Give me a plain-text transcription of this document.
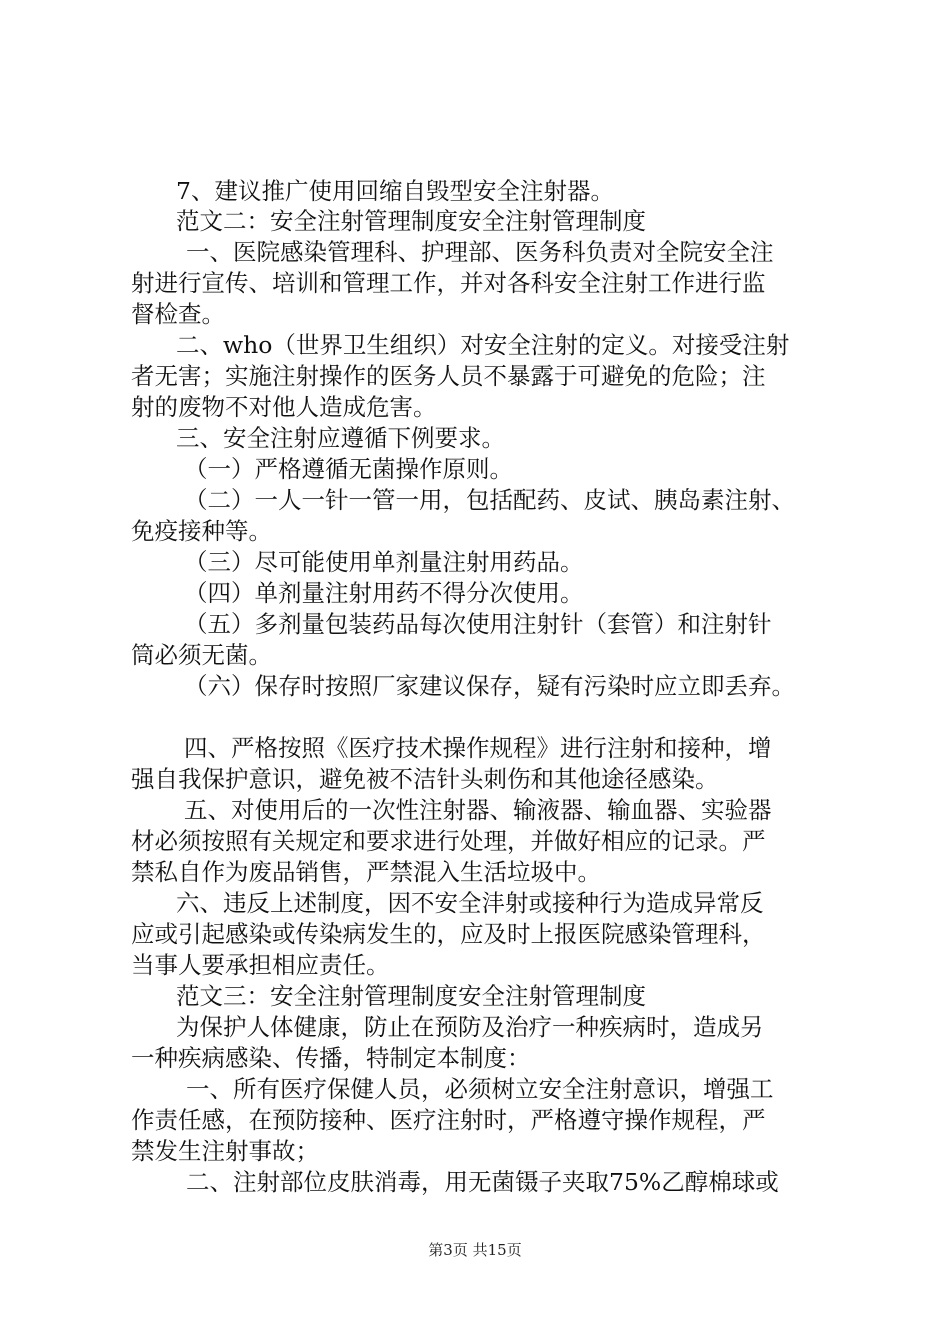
7、建议推广使用回缩自毁型安全注射器。
范文二：安全注射管理制度安全注射管理制度
一、医院感染管理科、护理部、医务科负责对全院安全注
射进行宣传、培训和管理工作，并对各科安全注射工作进行监
督检查。
二、who（世界卫生组织）对安全注射的定义。对接受注射
者无害；实施注射操作的医务人员不暴露于可避免的危险；注
射的废物不对他人造成危害。
三、安全注射应遵循下例要求。
（一）严格遵循无菌操作原则。
（二）一人一针一管一用，包括配药、皮试、胰岛素注射、
免疫接种等。
（三）尽可能使用单剂量注射用药品。
（四）单剂量注射用药不得分次使用。
（五）多剂量包装药品每次使用注射针（套管）和注射针
筒必须无菌。
（六）保存时按照厂家建议保存，疑有污染时应立即丢弃。
四、严格按照《医疗技术操作规程》进行注射和接种，增
强自我保护意识，避免被不洁针头刺伤和其他途径感染。
五、对使用后的一次性注射器、输液器、输血器、实验器
材必须按照有关规定和要求进行处理，并做好相应的记录。严
禁私自作为废品销售，严禁混入生活垃圾中。
六、违反上述制度，因不安全沣射或接种行为造成异常反
应或引起感染或传染病发生的，应及时上报医院感染管理科，
当事人要承担相应责任。
范文三：安全注射管理制度安全注射管理制度
为保护人体健康，防止在预防及治疗一种疾病时，造成另
一种疾病感染、传播，特制定本制度：
一、所有医疗保健人员，必须树立安全注射意识，增强工
作责任感，在预防接种、医疗注射时，严格遵守操作规程，严
禁发生注射事故；
二、注射部位皮肤消毒，用无菌镊子夹取75%乙醇棉球或
第3页 共15页
